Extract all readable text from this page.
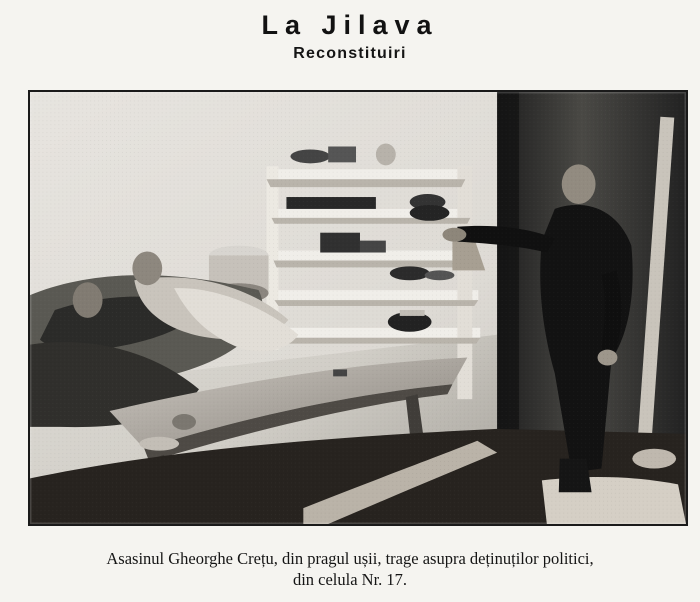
La Jilava
Reconstituiri
Asasinul Gheorghe Crețu, din pragul ușii, trage asupra deținuților politici,
din celula Nr. 17.
